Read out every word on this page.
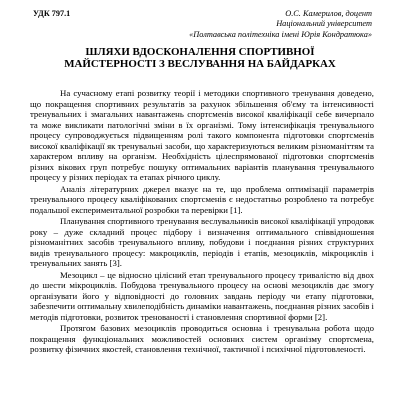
УДК 797.1	О.С. Камерилов, доцент
Національний університет
«Полтавська політехніка імені Юрія Кондратюка»
ШЛЯХИ ВДОСКОНАЛЕННЯ СПОРТИВНОЇ
МАЙСТЕРНОСТІ З ВЕСЛУВАННЯ НА БАЙДАРКАХ

На сучасному етапі розвитку теорії і методики спортивного тренування доведено, що покращення спортивних результатів за рахунок збільшення об'єму та інтенсивності тренувальних і змагальних навантажень спортсменів високої кваліфікації себе вичерпало та може викликати патологічні зміни в їх організмі. Тому інтенсифікація тренувального процесу супроводжується підвищенням ролі такого компонента підготовки спортсменів високої кваліфікації як тренувальні засоби, що характеризуються великим різноманіттям та характером впливу на організм. Необхідність цілеспрямованої підготовки спортсменів різних вікових груп потребує пошуку оптимальних варіантів планування тренувального процесу у різних періодах та етапах річного циклу.

Аналіз літературних джерел вказує на те, що проблема оптимізації параметрів тренувального процесу кваліфікованих спортсменів є недостатньо розроблено та потребує подальшої експериментальної розробки та перевірки [1].

Планування спортивного тренування веслувальників високої кваліфікації упродовж року – дуже складний процес підбору і визначення оптимального співвідношення різноманітних засобів тренувального впливу, побудови і поєднання різних структурних видів тренувального процесу: макроциклів, періодів і етапів, мезоциклів, мікроциклів і тренувальних занять [3].

Мезоцикл – це відносно цілісний етап тренувального процесу тривалістю від двох до шести мікроциклів. Побудова тренувального процесу на основі мезоциклів дає змогу організувати його у відповідності до головних завдань періоду чи етапу підготовки, забезпечити оптимальну хвилеподібність динаміки навантажень, поєднання різних засобів і методів підготовки, розвиток тренованості і становлення спортивної форми [2].

Протягом базових мезоциклів проводиться основна і тренувальна робота щодо покращення функціональних можливостей основних систем організму спортсмена, розвитку фізичних якостей, становлення технічної, тактичної і психічної підготовленості.
